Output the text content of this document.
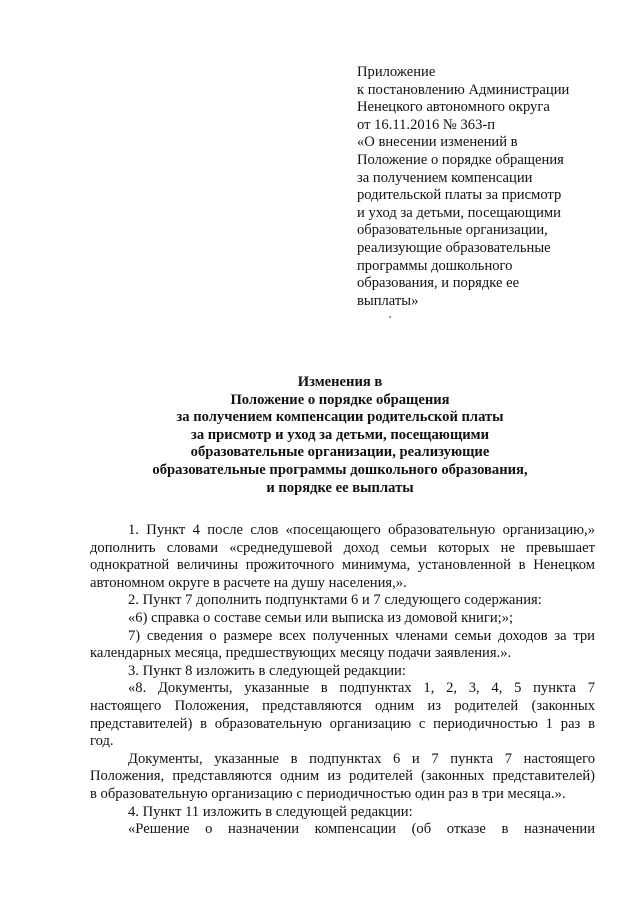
Приложение
к постановлению Администрации
Ненецкого автономного округа
от 16.11.2016 № 363-п
«О внесении изменений в
Положение о порядке обращения
за получением компенсации
родительской платы за присмотр
и уход за детьми, посещающими
образовательные организации,
реализующие образовательные
программы дошкольного
образования, и порядке ее
выплаты»
Изменения в
Положение о порядке обращения
за получением компенсации родительской платы
за присмотр и уход за детьми, посещающими
образовательные организации, реализующие
образовательные программы дошкольного образования,
и порядке ее выплаты
1. Пункт 4 после слов «посещающего образовательную организацию,»
дополнить словами «среднедушевой доход семьи которых не превышает
однократной величины прожиточного минимума, установленной в Ненецком
автономном округе в расчете на душу населения,».
2. Пункт 7 дополнить подпунктами 6 и 7 следующего содержания:
«6) справка о составе семьи или выписка из домовой книги;»;
7) сведения о размере всех полученных членами семьи доходов за три
календарных месяца, предшествующих месяцу подачи заявления.».
3. Пункт 8 изложить в следующей редакции:
«8. Документы, указанные в подпунктах 1, 2, 3, 4, 5 пункта 7
настоящего Положения, представляются одним из родителей (законных
представителей) в образовательную организацию с периодичностью 1 раз в
год.
Документы, указанные в подпунктах 6 и 7 пункта 7 настоящего
Положения, представляются одним из родителей (законных представителей)
в образовательную организацию с периодичностью один раз в три месяца.».
4. Пункт 11 изложить в следующей редакции:
«Решение о назначении компенсации (об отказе в назначении
